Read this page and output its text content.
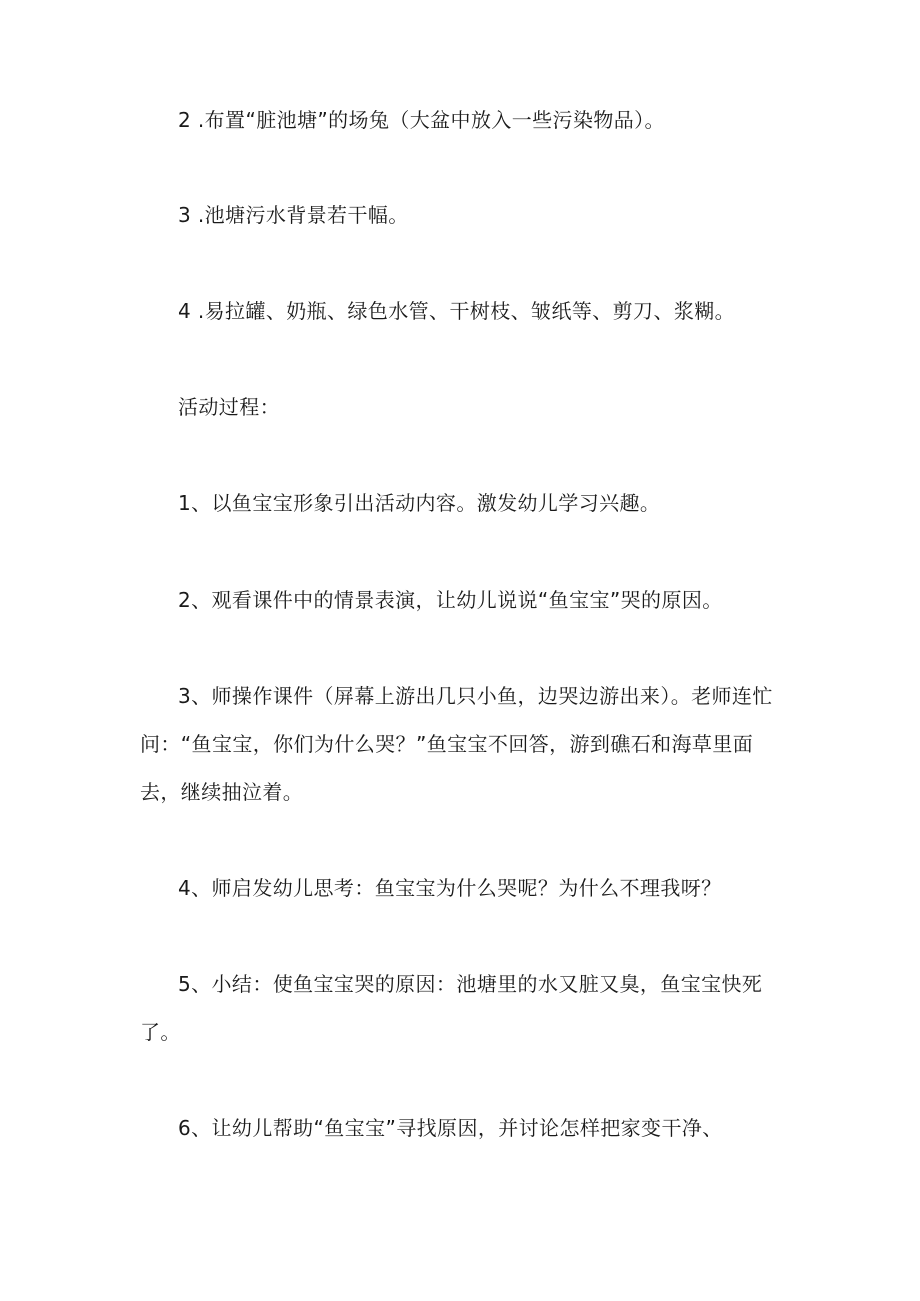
2 .布置“脏池塘”的场兔（大盆中放入一些污染物品）。

3 .池塘污水背景若干幅。

4 .易拉罐、奶瓶、绿色水管、干树枝、皱纸等、剪刀、浆糊。

活动过程：

1、以鱼宝宝形象引出活动内容。激发幼儿学习兴趣。

2、观看课件中的情景表演，让幼儿说说“鱼宝宝”哭的原因。

3、师操作课件（屏幕上游出几只小鱼，边哭边游出来）。老师连忙问：“鱼宝宝，你们为什么哭？”鱼宝宝不回答，游到礁石和海草里面去，继续抽泣着。

4、师启发幼儿思考：鱼宝宝为什么哭呢？为什么不理我呀？

5、小结：使鱼宝宝哭的原因：池塘里的水又脏又臭，鱼宝宝快死了。

6、让幼儿帮助“鱼宝宝”寻找原因，并讨论怎样把家变干净、
